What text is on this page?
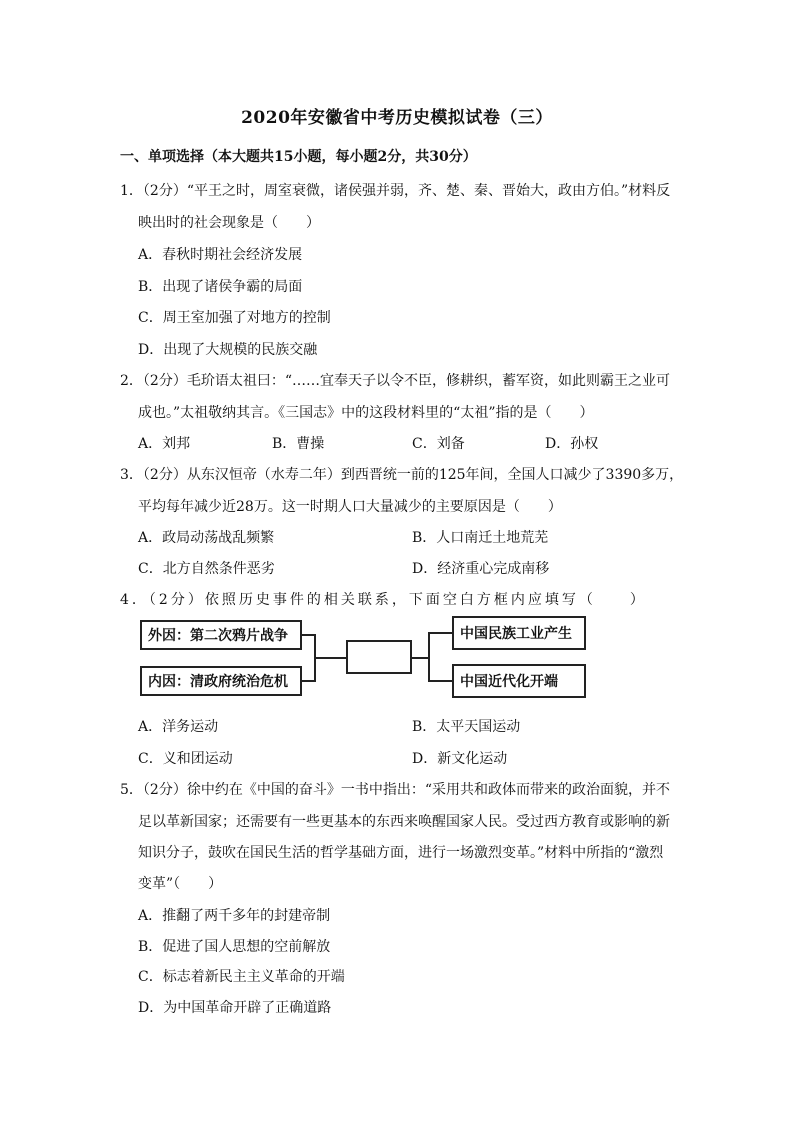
2020年安徽省中考历史模拟试卷（三）
一、单项选择（本大题共15小题，每小题2分，共30分）
1．（2分）“平王之时，周室衰微，诸侯强并弱，齐、楚、秦、晋始大，政由方伯。”材料反
映出时的社会现象是（　　）
A．春秋时期社会经济发展
B．出现了诸侯争霸的局面
C．周王室加强了对地方的控制
D．出现了大规模的民族交融
2．（2分）毛玠语太祖曰：“……宜奉天子以令不臣，修耕织，蓄军资，如此则霸王之业可
成也。”太祖敬纳其言。《三国志》中的这段材料里的“太祖”指的是（　　）
A．刘邦	B．曹操	C．刘备	D．孙权
3．（2分）从东汉恒帝（水寿二年）到西晋统一前的125年间，全国人口减少了3390多万，
平均每年减少近28万。这一时期人口大量减少的主要原因是（　　）
A．政局动荡战乱频繁	B．人口南迁土地荒芜
C．北方自然条件恶劣	D．经济重心完成南移
4．（2分）依照历史事件的相关联系，下面空白方框内应填写（　　）
外因：第二次鸦片战争
内因：清政府统治危机
中国民族工业产生
中国近代化开端
A．洋务运动	B．太平天国运动
C．义和团运动	D．新文化运动
5．（2分）徐中约在《中国的奋斗》一书中指出：“采用共和政体而带来的政治面貌，并不
足以革新国家；还需要有一些更基本的东西来唤醒国家人民。受过西方教育或影响的新
知识分子，鼓吹在国民生活的哲学基础方面，进行一场激烈变革。”材料中所指的“激烈
变革”（　　）
A．推翻了两千多年的封建帝制
B．促进了国人思想的空前解放
C．标志着新民主主义革命的开端
D．为中国革命开辟了正确道路
